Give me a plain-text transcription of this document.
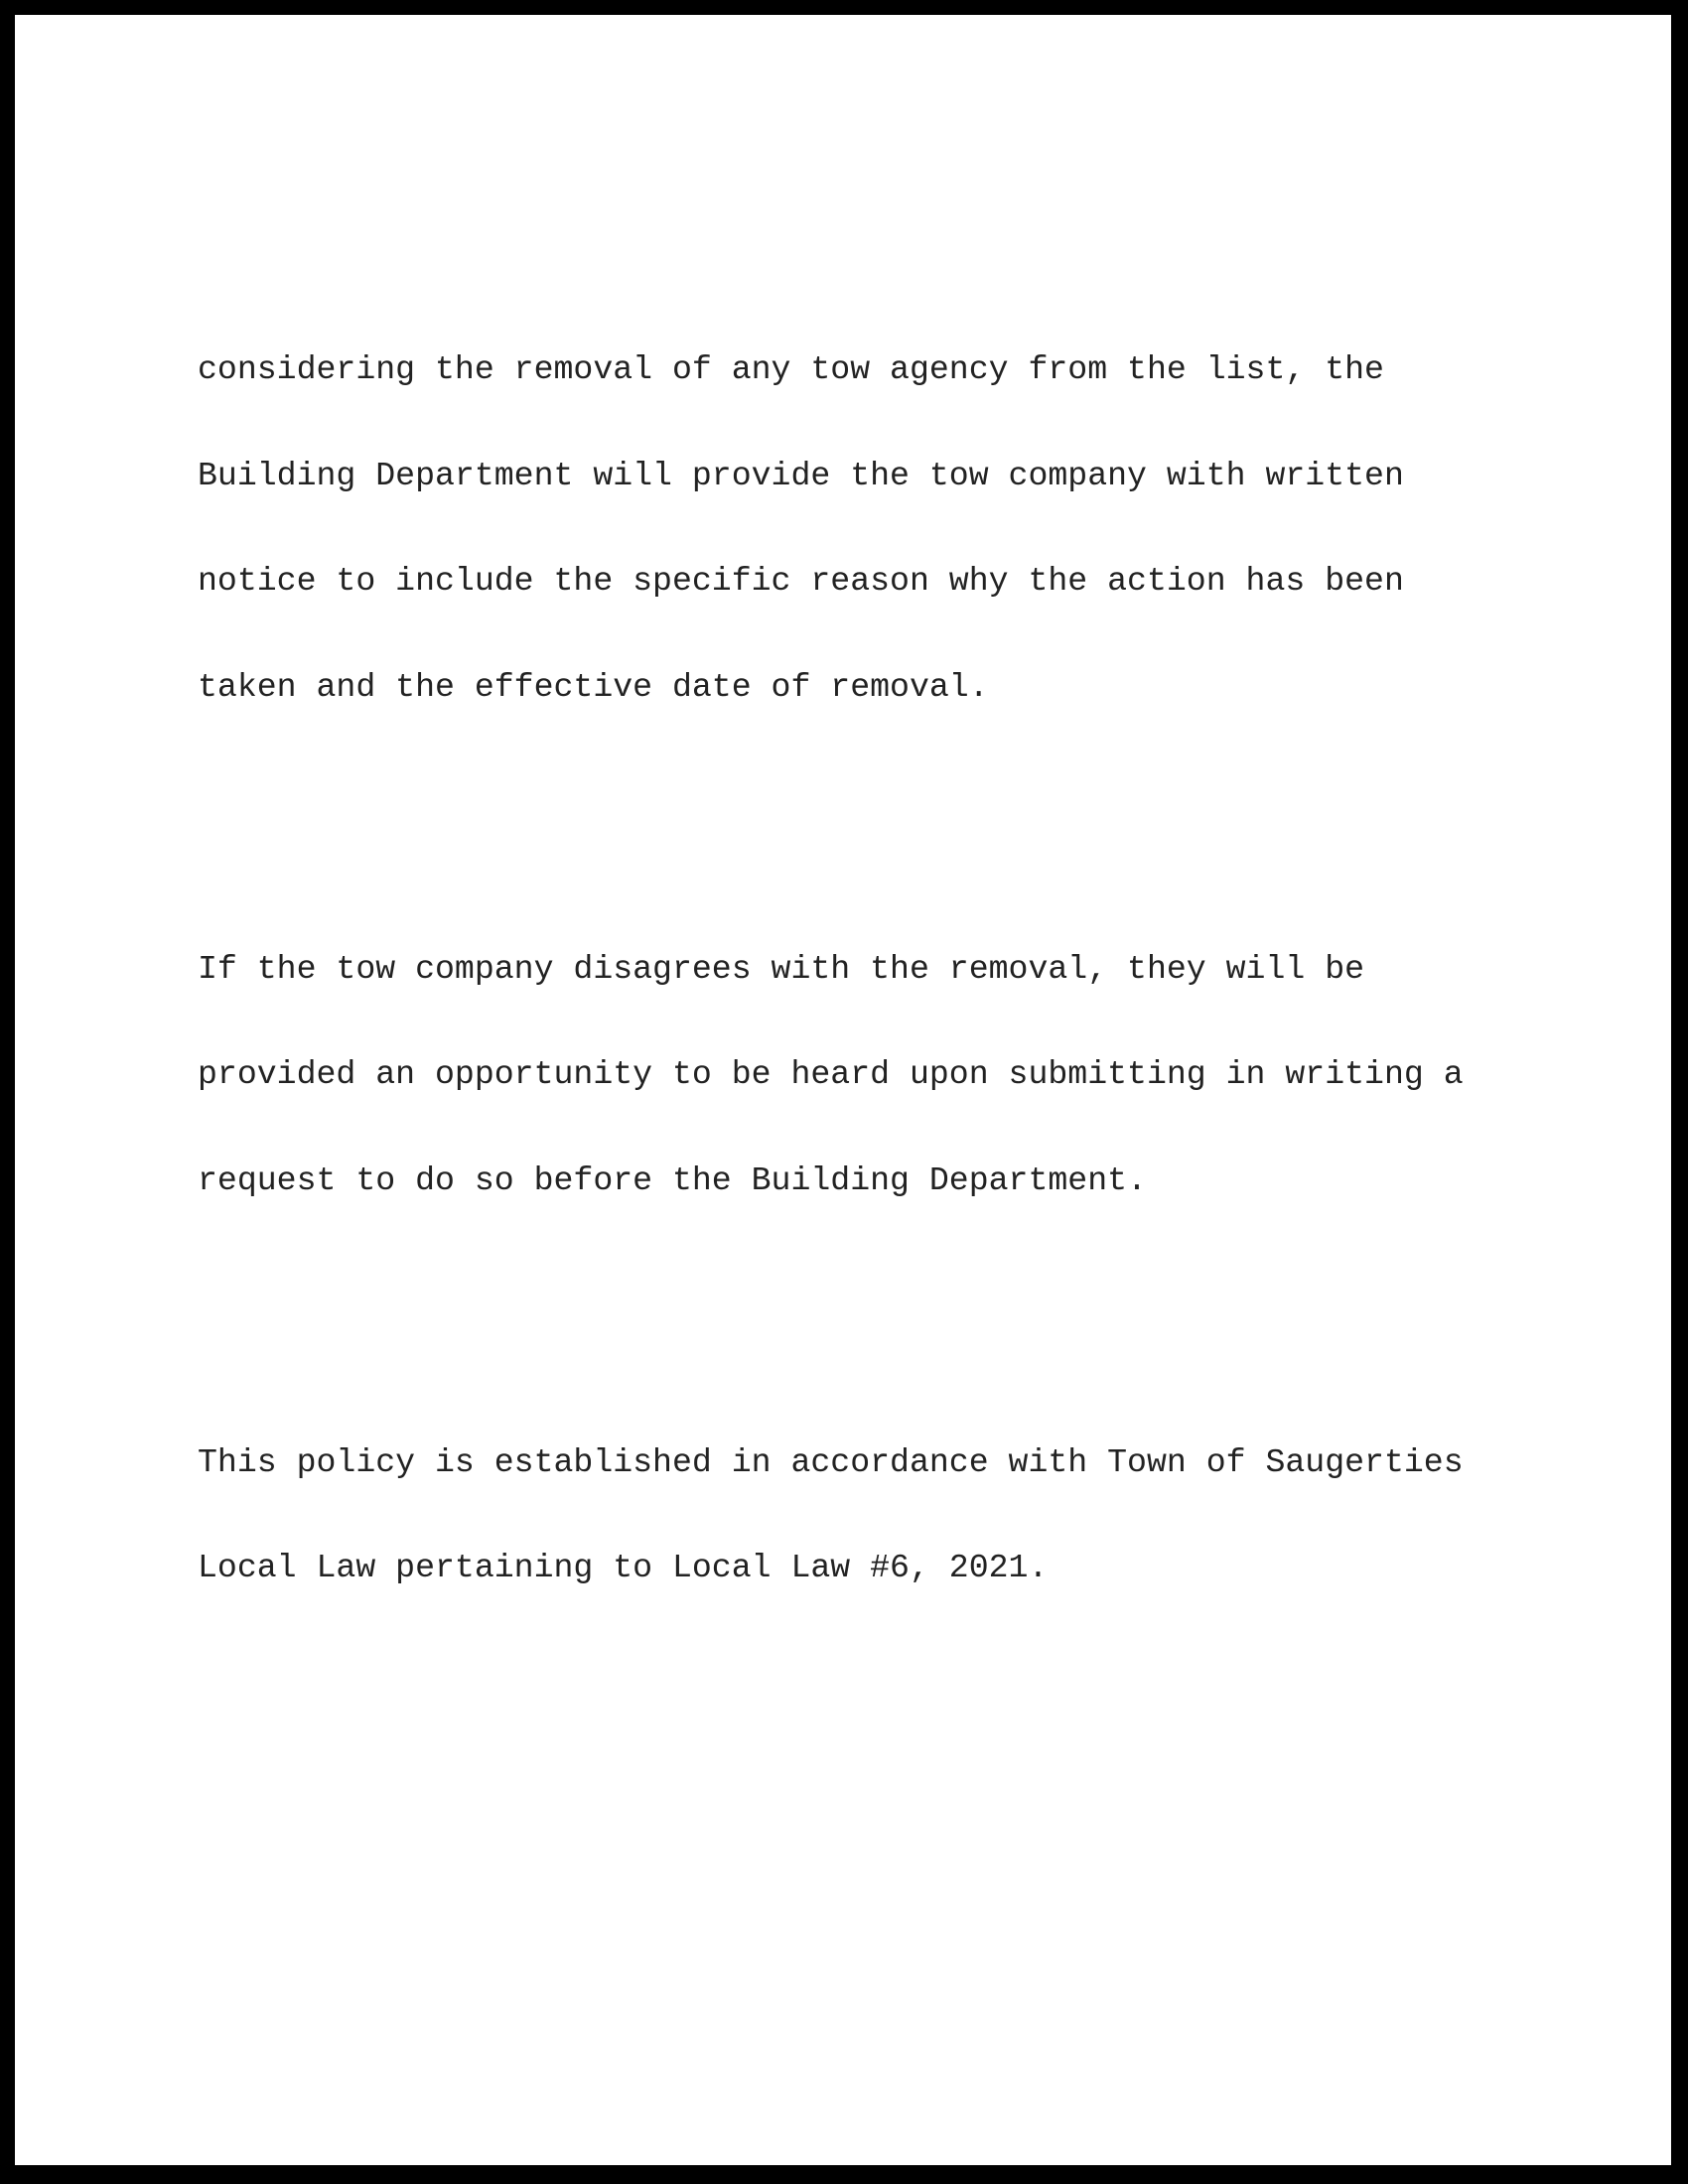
considering the removal of any tow agency from the list, the

Building Department will provide the tow company with written

notice to include the specific reason why the action has been

taken and the effective date of removal.

If the tow company disagrees with the removal, they will be

provided an opportunity to be heard upon submitting in writing a

request to do so before the Building Department.

This policy is established in accordance with Town of Saugerties

Local Law pertaining to Local Law #6, 2021.
